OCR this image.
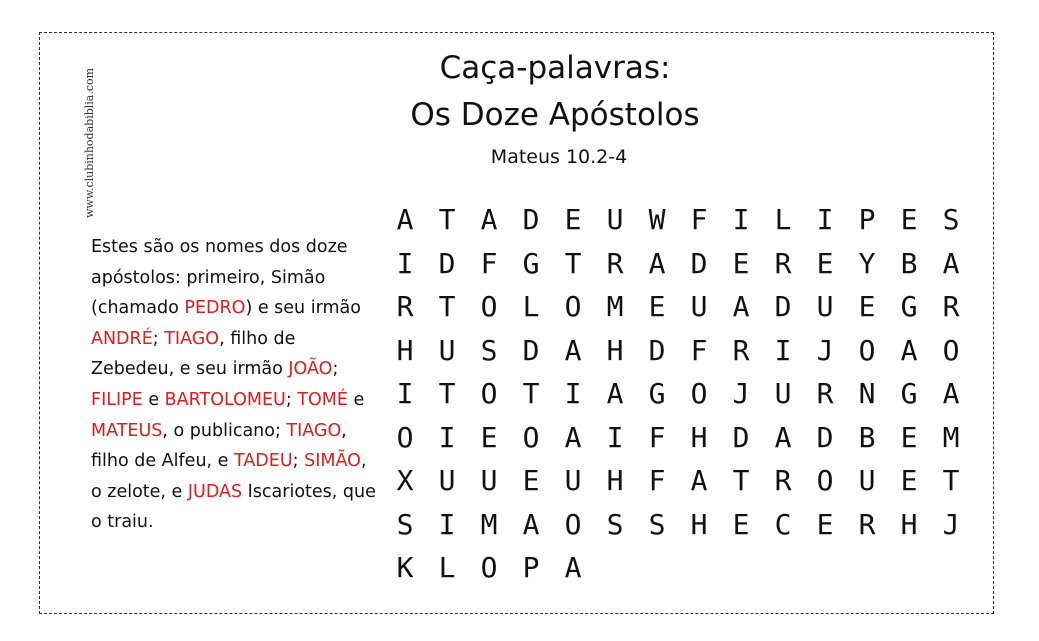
www.clubinhodabiblia.com	Caça-palavras:
Os Doze Apóstolos
Mateus 10.2-4
Estes são os nomes dos doze apóstolos: primeiro, Simão (chamado PEDRO) e seu irmão ANDRÉ; TIAGO, filho de Zebedeu, e seu irmão JOÃO; FILIPE e BARTOLOMEU; TOMÉ e MATEUS, o publicano; TIAGO, filho de Alfeu, e TADEU; SIMÃO, o zelote, e JUDAS Iscariotes, que o traiu.
A T A D E U W F I L I P E S
I D F G T R A D E R E Y B A
R T O L O M E U A D U E G R
H U S D A H D F R I J O A O
I T O T I A G O J U R N G A
O I E O A I F H D A D B E M
X U U E U H F A T R O U E T
S I M A O S S H E C E R H J
K L O P A
